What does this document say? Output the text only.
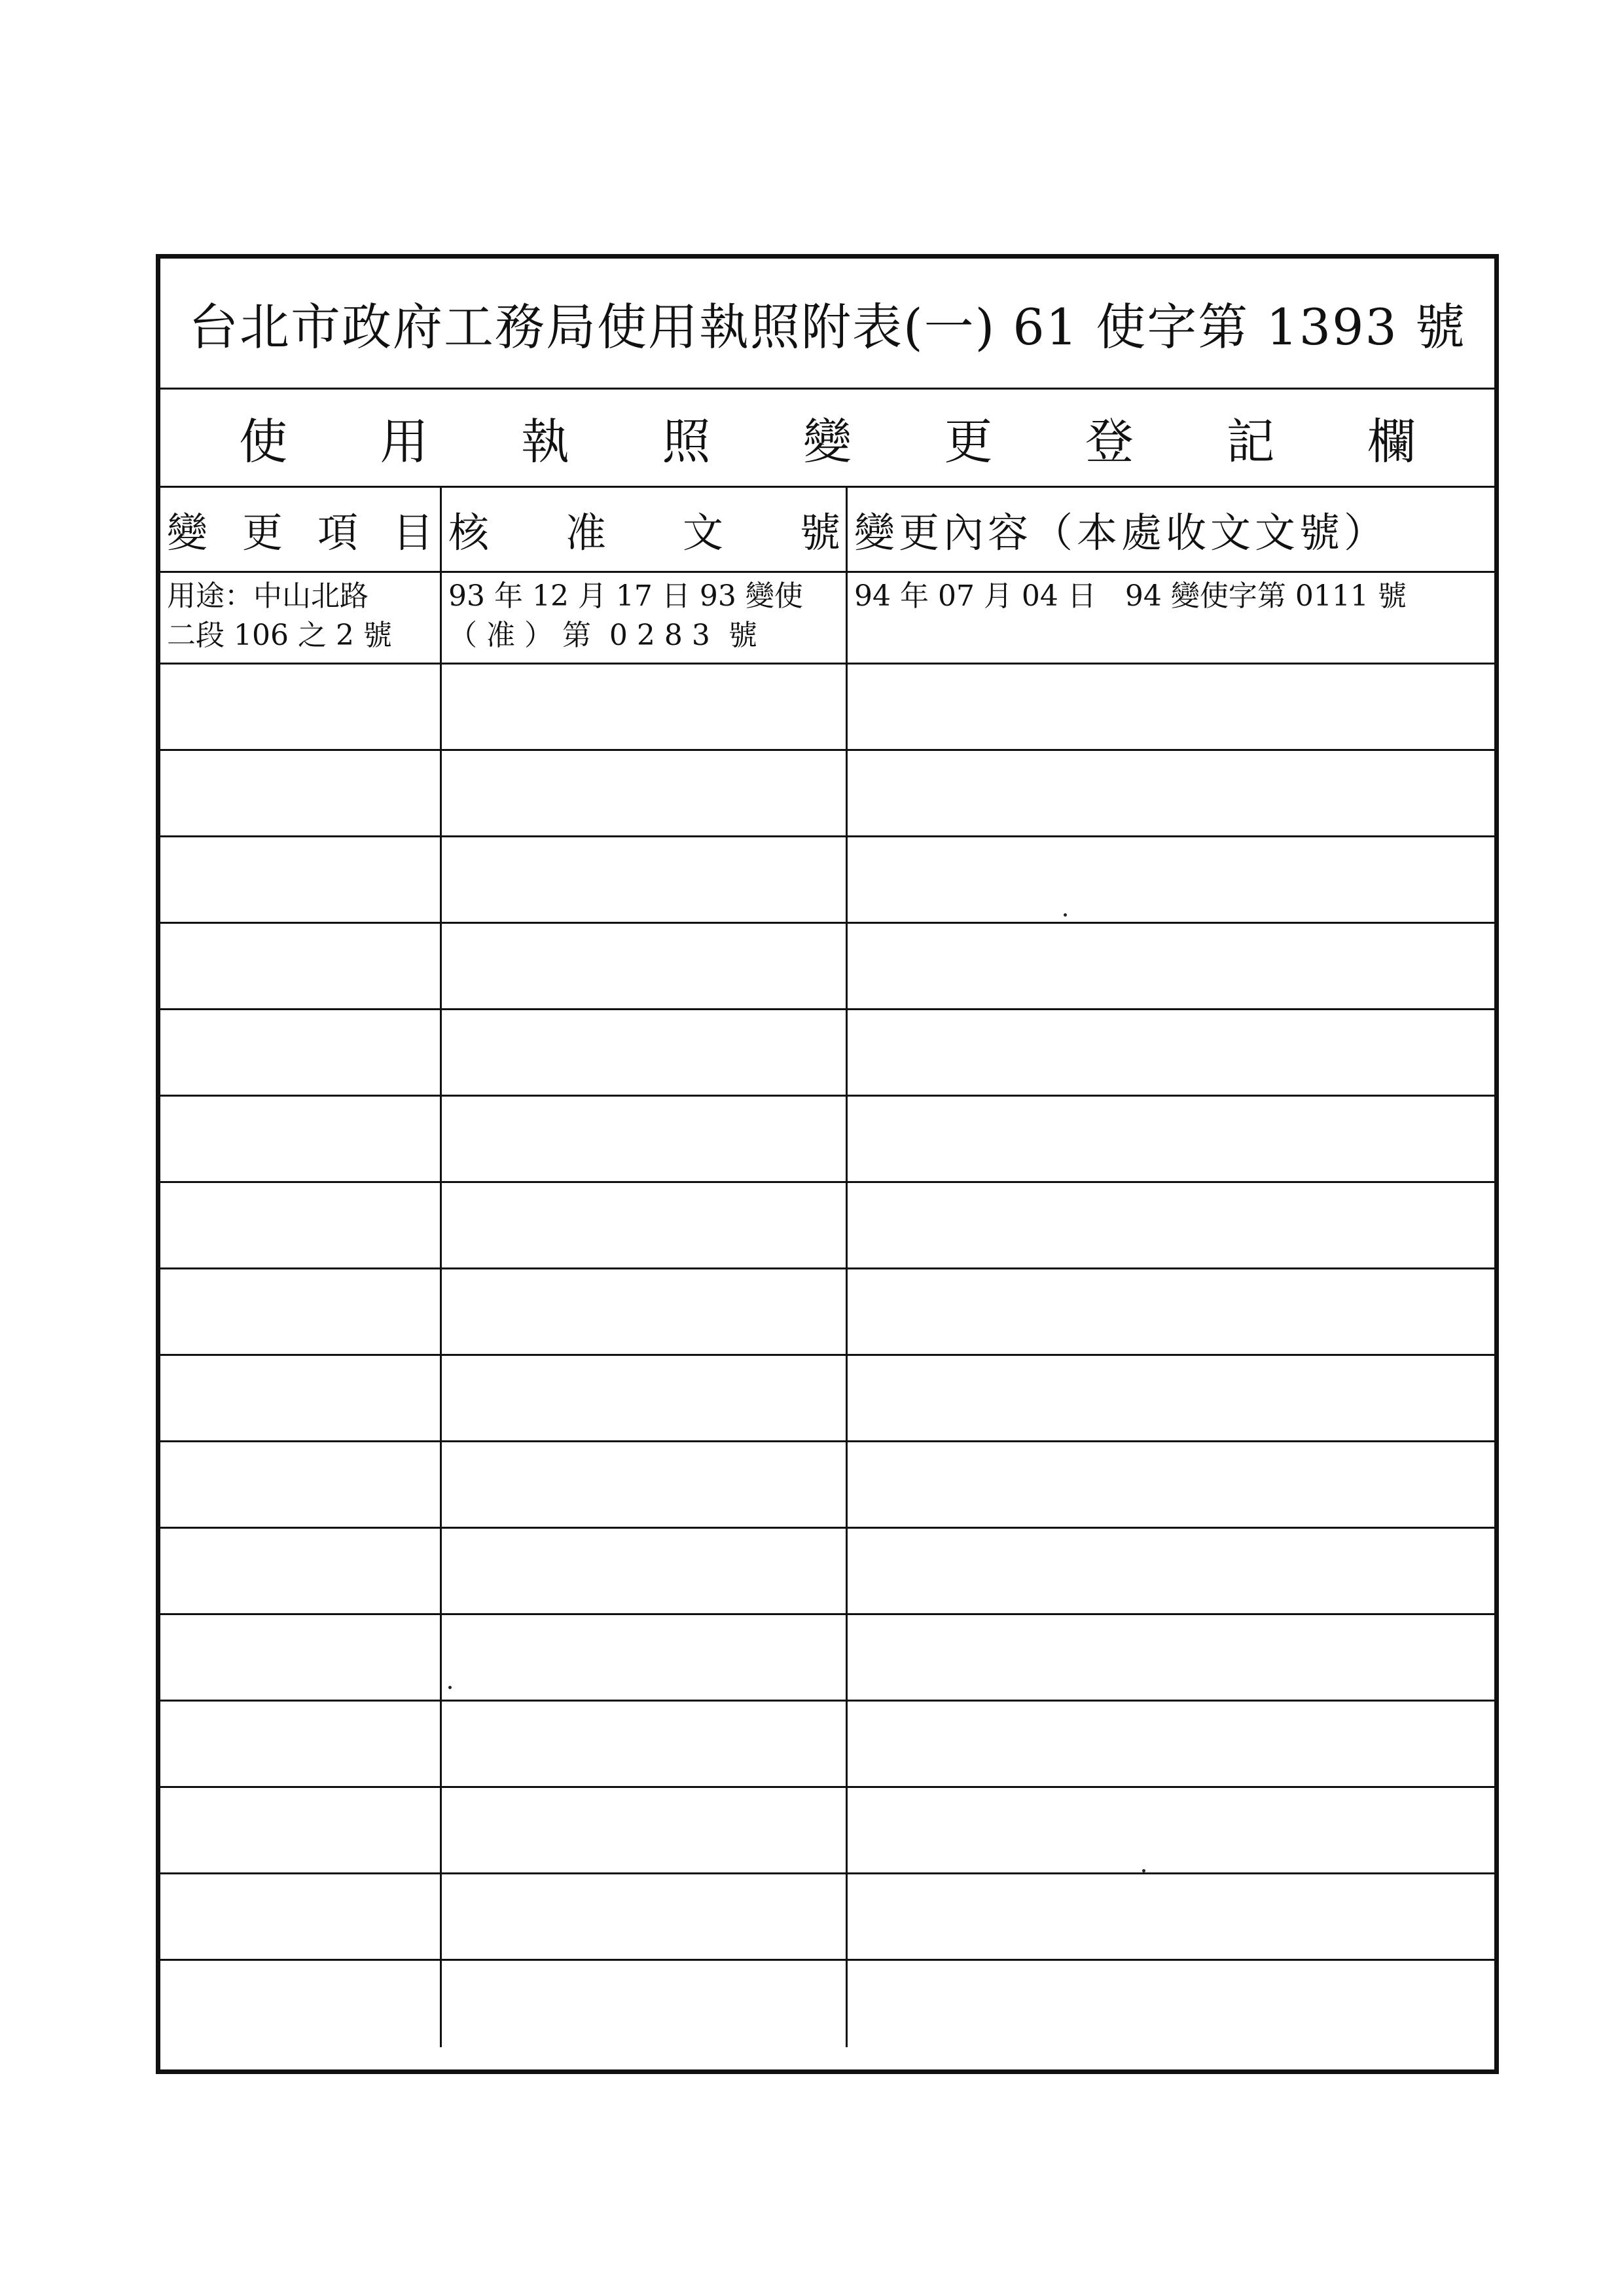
台北市政府工務局使用執照附表(一) 61 使字第 1393 號
使 用 執 照 變 更 登 記 欄
變 更 項 目 核 准 文 號 變更內容（本處收文文號）
用途：中山北路
二段 106 之 2 號
93 年 12 月 17 日 93 變使
（ 准 ） 第  0 2 8 3  號
94 年 07 月 04 日　94 變使字第 0111 號
